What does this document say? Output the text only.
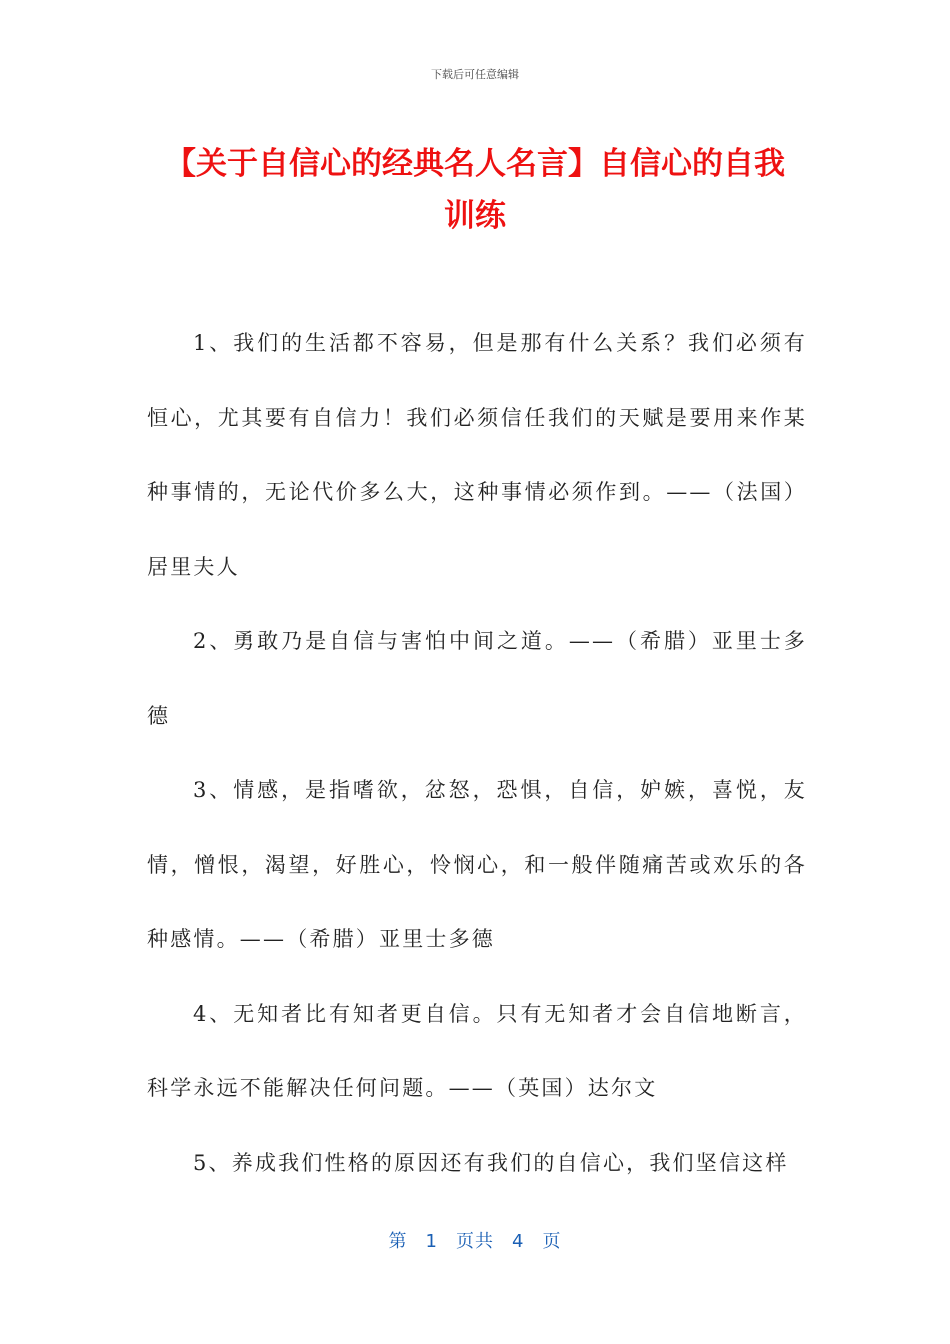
下载后可任意编辑
【关于自信心的经典名人名言】自信心的自我训练

1、我们的生活都不容易，但是那有什么关系？我们必须有恒心，尤其要有自信力！我们必须信任我们的天赋是要用来作某种事情的，无论代价多么大，这种事情必须作到。——（法国）居里夫人

2、勇敢乃是自信与害怕中间之道。——（希腊）亚里士多德

3、情感，是指嗜欲，忿怒，恐惧，自信，妒嫉，喜悦，友情，憎恨，渴望，好胜心，怜悯心，和一般伴随痛苦或欢乐的各种感情。——（希腊）亚里士多德

4、无知者比有知者更自信。只有无知者才会自信地断言，科学永远不能解决任何问题。——（英国）达尔文

5、养成我们性格的原因还有我们的自信心，我们坚信这样

第 1 页共 4 页
